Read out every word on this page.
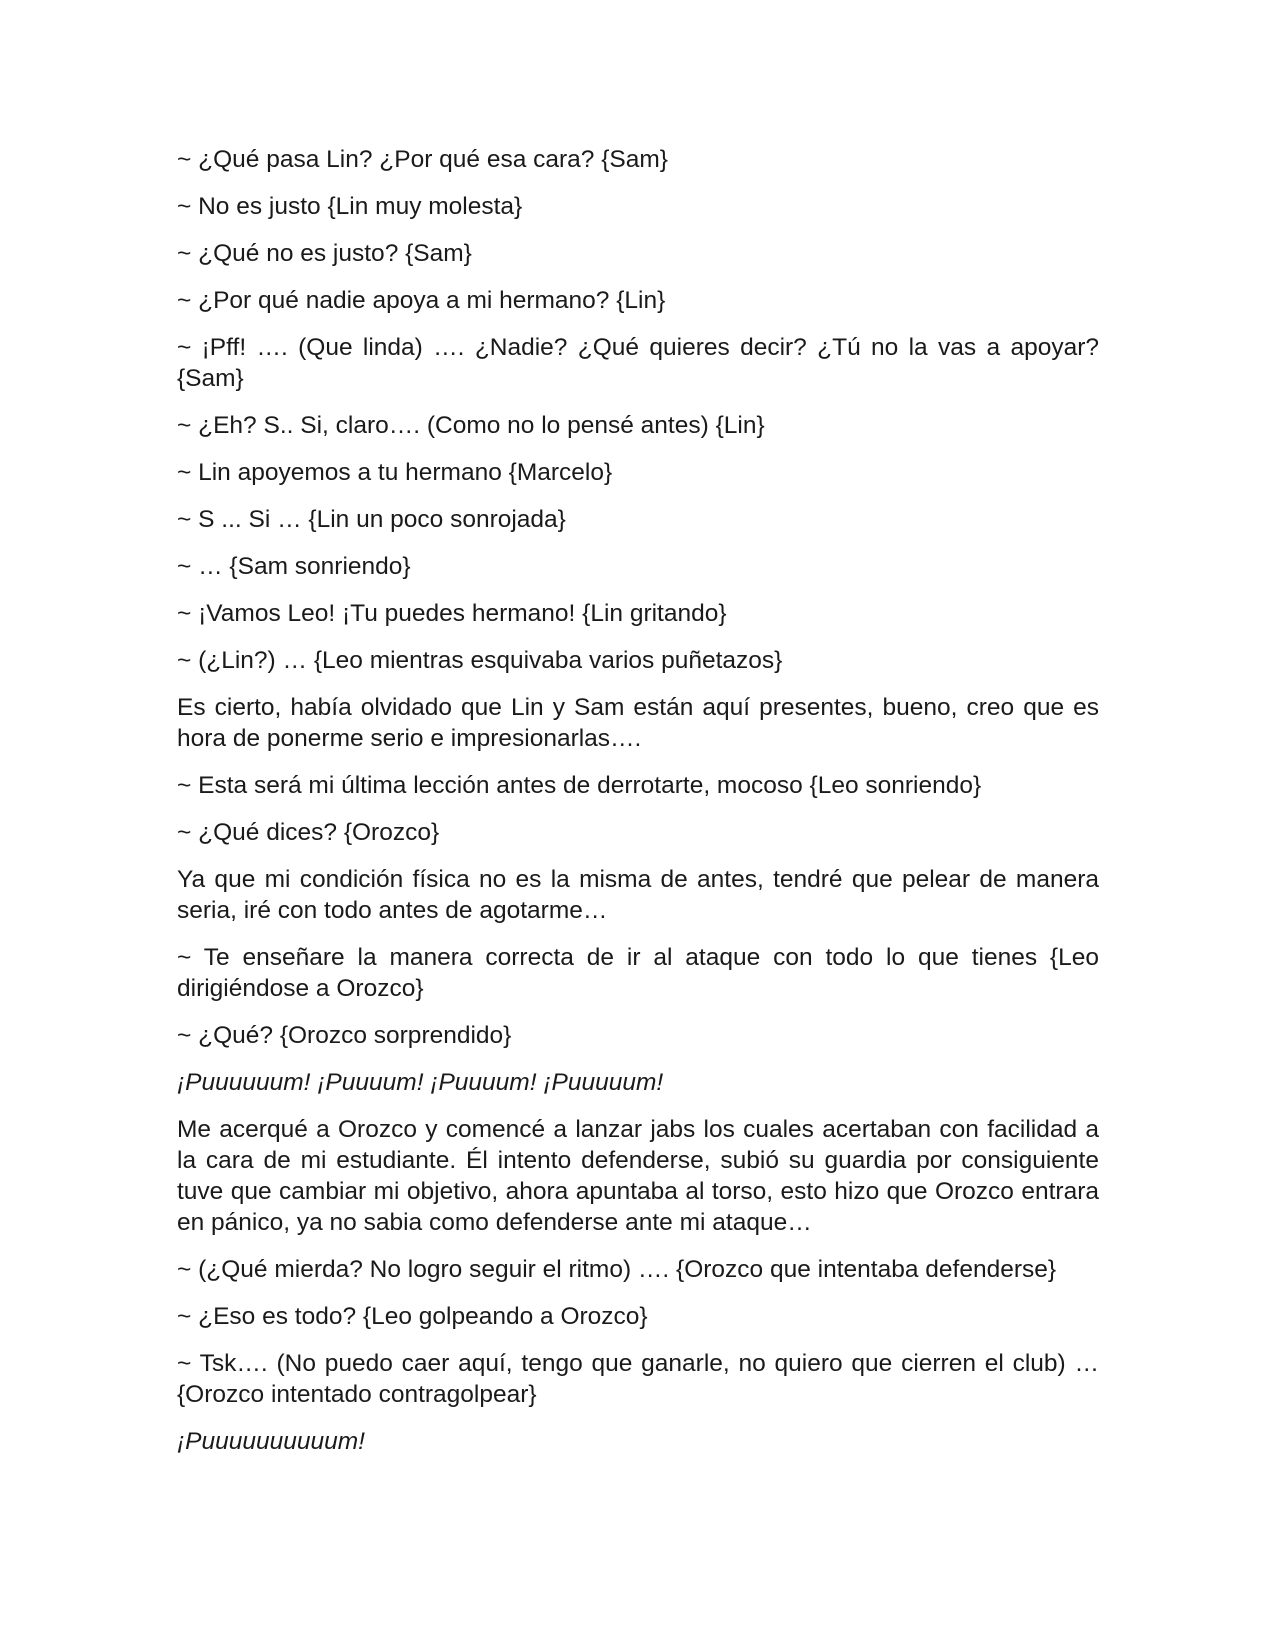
~ ¿Qué pasa Lin? ¿Por qué esa cara? {Sam}

~ No es justo {Lin muy molesta}

~ ¿Qué no es justo? {Sam}

~ ¿Por qué nadie apoya a mi hermano? {Lin}

~ ¡Pff! …. (Que linda) …. ¿Nadie? ¿Qué quieres decir? ¿Tú no la vas a apoyar? {Sam}

~ ¿Eh? S.. Si, claro…. (Como no lo pensé antes) {Lin}

~ Lin apoyemos a tu hermano {Marcelo}

~ S ... Si … {Lin un poco sonrojada}

~ … {Sam sonriendo}

~ ¡Vamos Leo! ¡Tu puedes hermano! {Lin gritando}

~ (¿Lin?) … {Leo mientras esquivaba varios puñetazos}

Es cierto, había olvidado que Lin y Sam están aquí presentes, bueno, creo que es hora de ponerme serio e impresionarlas….

~ Esta será mi última lección antes de derrotarte, mocoso {Leo sonriendo}

~ ¿Qué dices? {Orozco}

Ya que mi condición física no es la misma de antes, tendré que pelear de manera seria, iré con todo antes de agotarme…

~ Te enseñare la manera correcta de ir al ataque con todo lo que tienes {Leo dirigiéndose a Orozco}

~ ¿Qué? {Orozco sorprendido}

¡Puuuuuum! ¡Puuuum! ¡Puuuum! ¡Puuuuum!

Me acerqué a Orozco y comencé a lanzar jabs los cuales acertaban con facilidad a la cara de mi estudiante. Él intento defenderse, subió su guardia por consiguiente tuve que cambiar mi objetivo, ahora apuntaba al torso, esto hizo que Orozco entrara en pánico, ya no sabia como defenderse ante mi ataque…

~ (¿Qué mierda? No logro seguir el ritmo) …. {Orozco que intentaba defenderse}

~ ¿Eso es todo? {Leo golpeando a Orozco}

~ Tsk…. (No puedo caer aquí, tengo que ganarle, no quiero que cierren el club) … {Orozco intentado contragolpear}

¡Puuuuuuuuuum!
